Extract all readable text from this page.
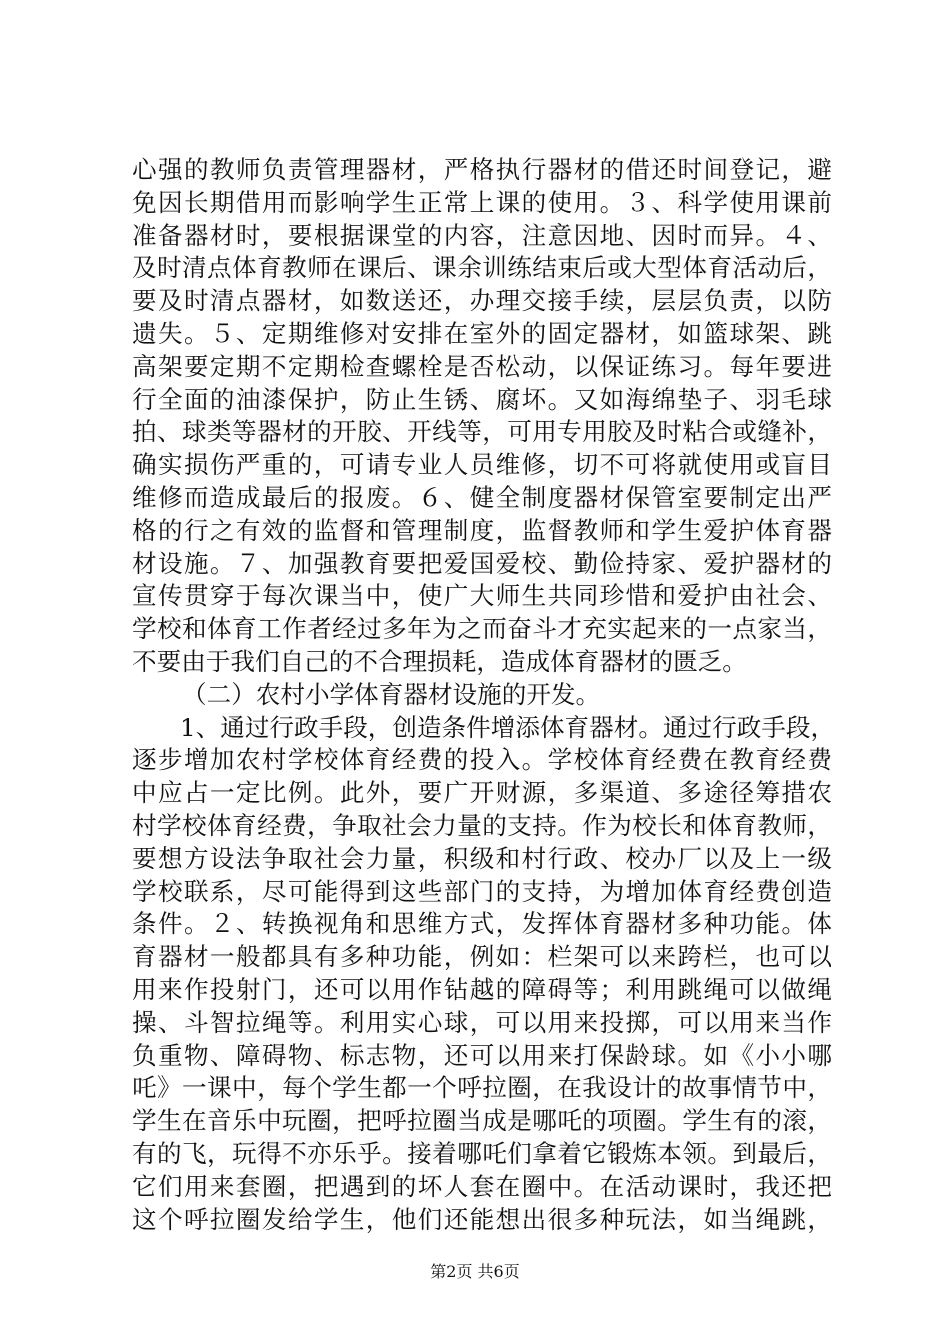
心强的教师负责管理器材，严格执行器材的借还时间登记，避
免因长期借用而影响学生正常上课的使用。３、科学使用课前
准备器材时，要根据课堂的内容，注意因地、因时而异。４、
及时清点体育教师在课后、课余训练结束后或大型体育活动后，
要及时清点器材，如数送还，办理交接手续，层层负责，以防
遗失。５、定期维修对安排在室外的固定器材，如篮球架、跳
高架要定期不定期检查螺栓是否松动，以保证练习。每年要进
行全面的油漆保护，防止生锈、腐坏。又如海绵垫子、羽毛球
拍、球类等器材的开胶、开线等，可用专用胶及时粘合或缝补，
确实损伤严重的，可请专业人员维修，切不可将就使用或盲目
维修而造成最后的报废。６、健全制度器材保管室要制定出严
格的行之有效的监督和管理制度，监督教师和学生爱护体育器
材设施。７、加强教育要把爱国爱校、勤俭持家、爱护器材的
宣传贯穿于每次课当中，使广大师生共同珍惜和爱护由社会、
学校和体育工作者经过多年为之而奋斗才充实起来的一点家当，
不要由于我们自己的不合理损耗，造成体育器材的匮乏。
（二）农村小学体育器材设施的开发。
1、通过行政手段，创造条件增添体育器材。通过行政手段，
逐步增加农村学校体育经费的投入。学校体育经费在教育经费
中应占一定比例。此外，要广开财源，多渠道、多途径筹措农
村学校体育经费，争取社会力量的支持。作为校长和体育教师，
要想方设法争取社会力量，积级和村行政、校办厂以及上一级
学校联系，尽可能得到这些部门的支持，为增加体育经费创造
条件。２、转换视角和思维方式，发挥体育器材多种功能。体
育器材一般都具有多种功能，例如：栏架可以来跨栏，也可以
用来作投射门，还可以用作钻越的障碍等；利用跳绳可以做绳
操、斗智拉绳等。利用实心球，可以用来投掷，可以用来当作
负重物、障碍物、标志物，还可以用来打保龄球。如《小小哪
吒》一课中，每个学生都一个呼拉圈，在我设计的故事情节中，
学生在音乐中玩圈，把呼拉圈当成是哪吒的项圈。学生有的滚，
有的飞，玩得不亦乐乎。接着哪吒们拿着它锻炼本领。到最后，
它们用来套圈，把遇到的坏人套在圈中。在活动课时，我还把
这个呼拉圈发给学生，他们还能想出很多种玩法，如当绳跳，
第2页 共6页
